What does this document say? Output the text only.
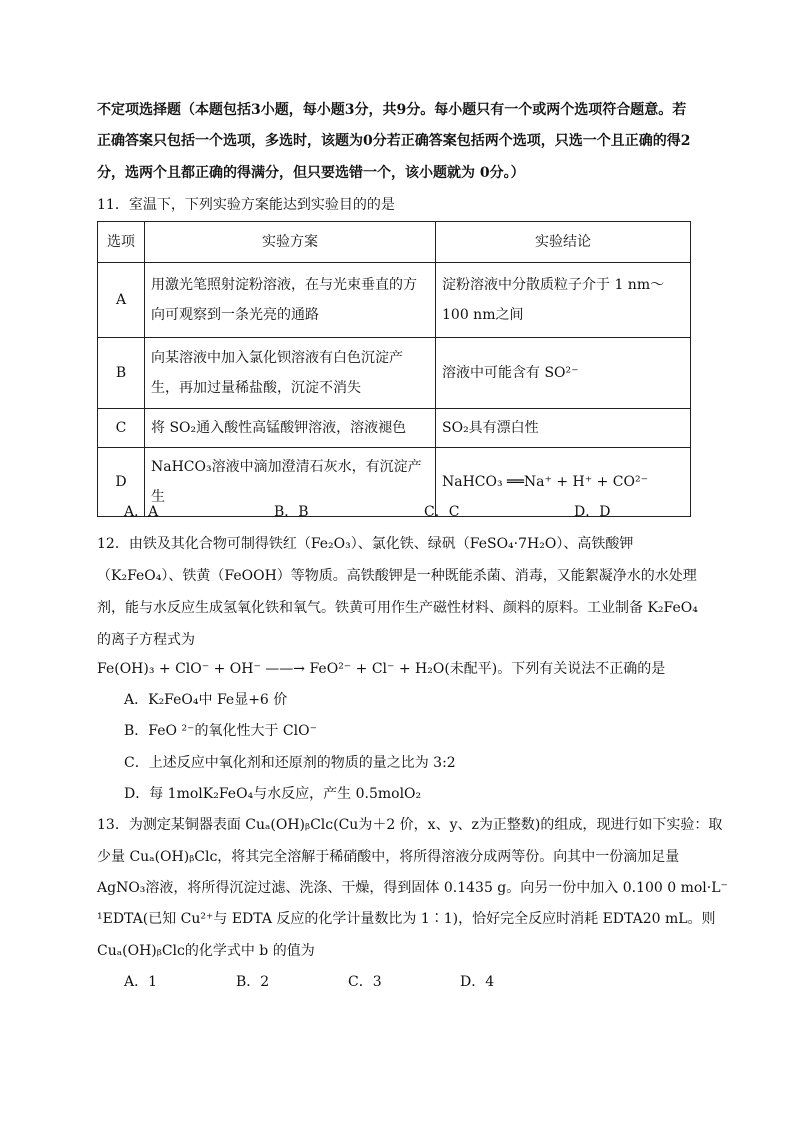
不定项选择题（本题包括3小题，每小题3分，共9分。每小题只有一个或两个选项符合题意。若
正确答案只包括一个选项，多选时，该题为0分若正确答案包括两个选项，只选一个且正确的得2
分，选两个且都正确的得满分，但只要选错一个，该小题就为 0分。）
11．室温下，下列实验方案能达到实验目的的是
选项	实验方案	实验结论
A	用激光笔照射淀粉溶液，在与光束垂直的方向可观察到一条光亮的通路	淀粉溶液中分散质粒子介于 1 nm～100 nm之间
B	向某溶液中加入氯化钡溶液有白色沉淀产生，再加过量稀盐酸，沉淀不消失	溶液中可能含有 SO²⁻
C	将 SO₂通入酸性高锰酸钾溶液，溶液褪色	SO₂具有漂白性
D	NaHCO₃溶液中滴加澄清石灰水，有沉淀产生	NaHCO₃ ══Na⁺ + H⁺ + CO²⁻
A．A	B．B	C．C	D．D
12．由铁及其化合物可制得铁红（Fe₂O₃）、氯化铁、绿矾（FeSO₄·7H₂O）、高铁酸钾
（K₂FeO₄）、铁黄（FeOOH）等物质。高铁酸钾是一种既能杀菌、消毒，又能絮凝净水的水处理
剂，能与水反应生成氢氧化铁和氧气。铁黄可用作生产磁性材料、颜料的原料。工业制备 K₂FeO₄
的离子方程式为
Fe(OH)₃ + ClO⁻ + OH⁻ ——→ FeO²⁻ + Cl⁻ + H₂O(未配平)。下列有关说法不正确的是
A．K₂FeO₄中 Fe显+6 价
B．FeO ²⁻的氧化性大于 ClO⁻
C．上述反应中氧化剂和还原剂的物质的量之比为 3:2
D．每 1molK₂FeO₄与水反应，产生 0.5molO₂
13．为测定某铜器表面 Cuₐ(OH)ᵦClᴄ(Cu为＋2 价，x、y、z为正整数)的组成，现进行如下实验：取
少量 Cuₐ(OH)ᵦClᴄ，将其完全溶解于稀硝酸中，将所得溶液分成两等份。向其中一份滴加足量
AgNO₃溶液，将所得沉淀过滤、洗涤、干燥，得到固体 0.1435 g。向另一份中加入 0.100 0 mol·L⁻
¹EDTA(已知 Cu²⁺与 EDTA 反应的化学计量数比为 1∶1)，恰好完全反应时消耗 EDTA20 mL。则
Cuₐ(OH)ᵦClᴄ的化学式中 b 的值为
A．1	B．2	C．3	D．4
